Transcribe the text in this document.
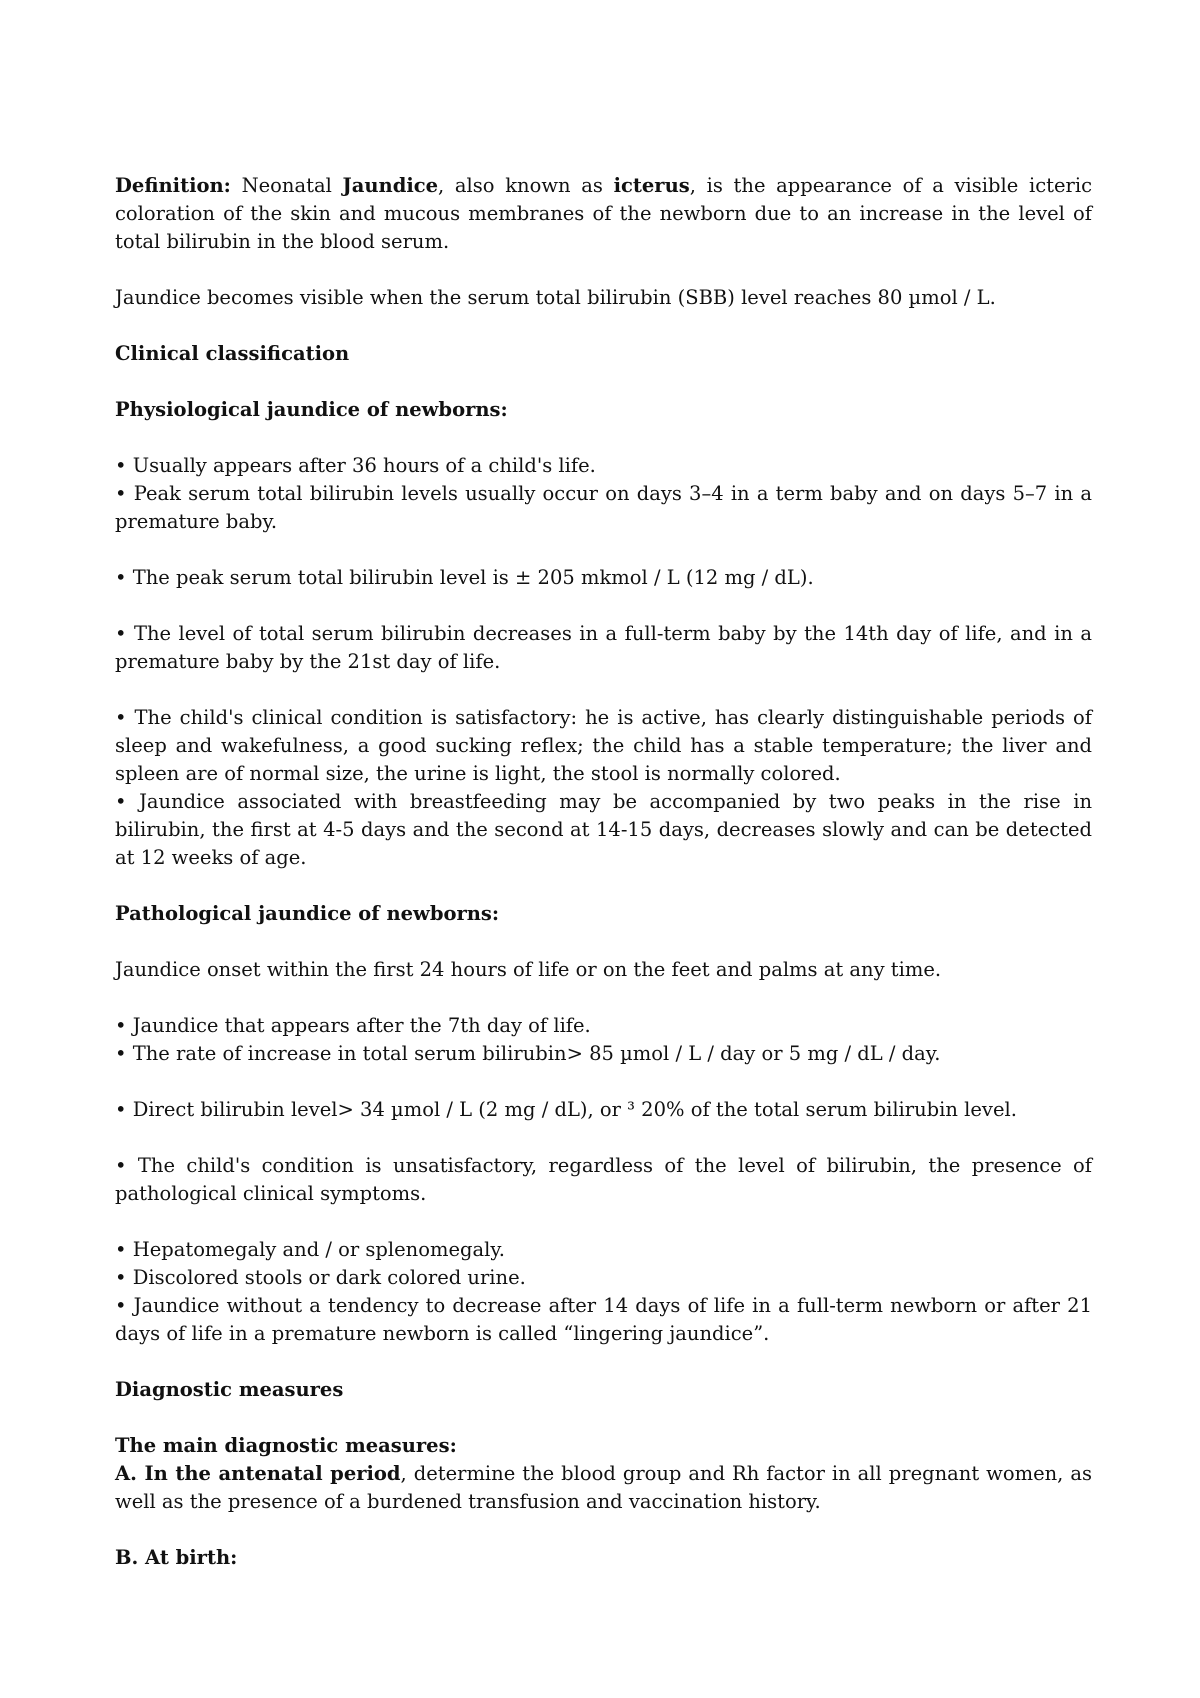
Definition: Neonatal Jaundice, also known as icterus, is the appearance of a visible icteric coloration of the skin and mucous membranes of the newborn due to an increase in the level of total bilirubin in the blood serum.

Jaundice becomes visible when the serum total bilirubin (SBB) level reaches 80 µmol / L.

Clinical classification

Physiological jaundice of newborns:

• Usually appears after 36 hours of a child's life.

• Peak serum total bilirubin levels usually occur on days 3–4 in a term baby and on days 5–7 in a premature baby.

• The peak serum total bilirubin level is ± 205 mkmol / L (12 mg / dL).

• The level of total serum bilirubin decreases in a full-term baby by the 14th day of life, and in a premature baby by the 21st day of life.

• The child's clinical condition is satisfactory: he is active, has clearly distinguishable periods of sleep and wakefulness, a good sucking reflex; the child has a stable temperature; the liver and spleen are of normal size, the urine is light, the stool is normally colored.

• Jaundice associated with breastfeeding may be accompanied by two peaks in the rise in bilirubin, the first at 4-5 days and the second at 14-15 days, decreases slowly and can be detected at 12 weeks of age.

Pathological jaundice of newborns:

Jaundice onset within the first 24 hours of life or on the feet and palms at any time.

• Jaundice that appears after the 7th day of life.

• The rate of increase in total serum bilirubin> 85 µmol / L / day or 5 mg / dL / day.

• Direct bilirubin level> 34 µmol / L (2 mg / dL), or ³ 20% of the total serum bilirubin level.

• The child's condition is unsatisfactory, regardless of the level of bilirubin, the presence of pathological clinical symptoms.

• Hepatomegaly and / or splenomegaly.

• Discolored stools or dark colored urine.

• Jaundice without a tendency to decrease after 14 days of life in a full-term newborn or after 21 days of life in a premature newborn is called “lingering jaundice”.

Diagnostic measures

The main diagnostic measures:

A. In the antenatal period, determine the blood group and Rh factor in all pregnant women, as well as the presence of a burdened transfusion and vaccination history.

B. At birth:
